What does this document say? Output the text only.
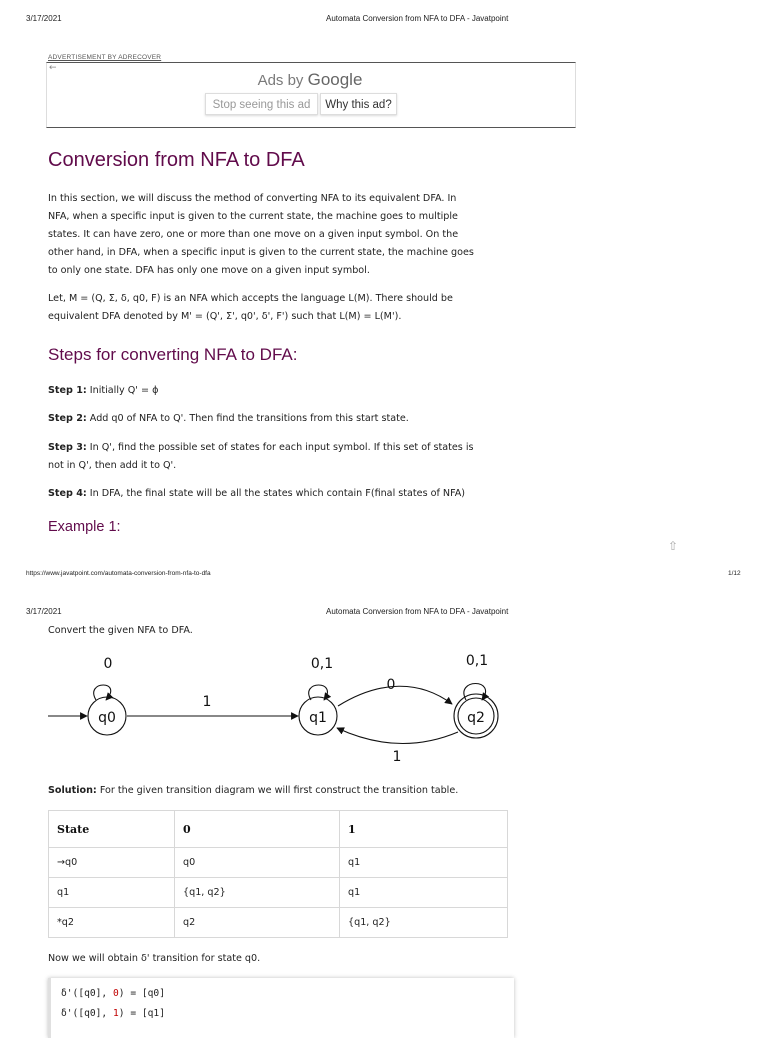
3/17/2021	Automata Conversion from NFA to DFA - Javatpoint
ADVERTISEMENT BY ADRECOVER
←
Ads by Google
Stop seeing this ad	Why this ad?
Conversion from NFA to DFA
In this section, we will discuss the method of converting NFA to its equivalent DFA. In
NFA, when a specific input is given to the current state, the machine goes to multiple
states. It can have zero, one or more than one move on a given input symbol. On the
other hand, in DFA, when a specific input is given to the current state, the machine goes
to only one state. DFA has only one move on a given input symbol.
Let, M = (Q, Σ, δ, q0, F) is an NFA which accepts the language L(M). There should be
equivalent DFA denoted by M' = (Q', Σ', q0', δ', F') such that L(M) = L(M').
Steps for converting NFA to DFA:
Step 1: Initially Q' = ϕ
Step 2: Add q0 of NFA to Q'. Then find the transitions from this start state.
Step 3: In Q', find the possible set of states for each input symbol. If this set of states is
not in Q', then add it to Q'.
Step 4: In DFA, the final state will be all the states which contain F(final states of NFA)
Example 1:
⇧
https://www.javatpoint.com/automata-conversion-from-nfa-to-dfa	1/12
3/17/2021	Automata Conversion from NFA to DFA - Javatpoint
Convert the given NFA to DFA.
q0	q1	q2
0	0,1	0,1
1
0
1
Solution: For the given transition diagram we will first construct the transition table.
State	0	1
→q0	q0	q1
q1	{q1, q2}	q1
*q2	q2	{q1, q2}
Now we will obtain δ' transition for state q0.
δ'([q0], 0) = [q0]
δ'([q0], 1) = [q1]
